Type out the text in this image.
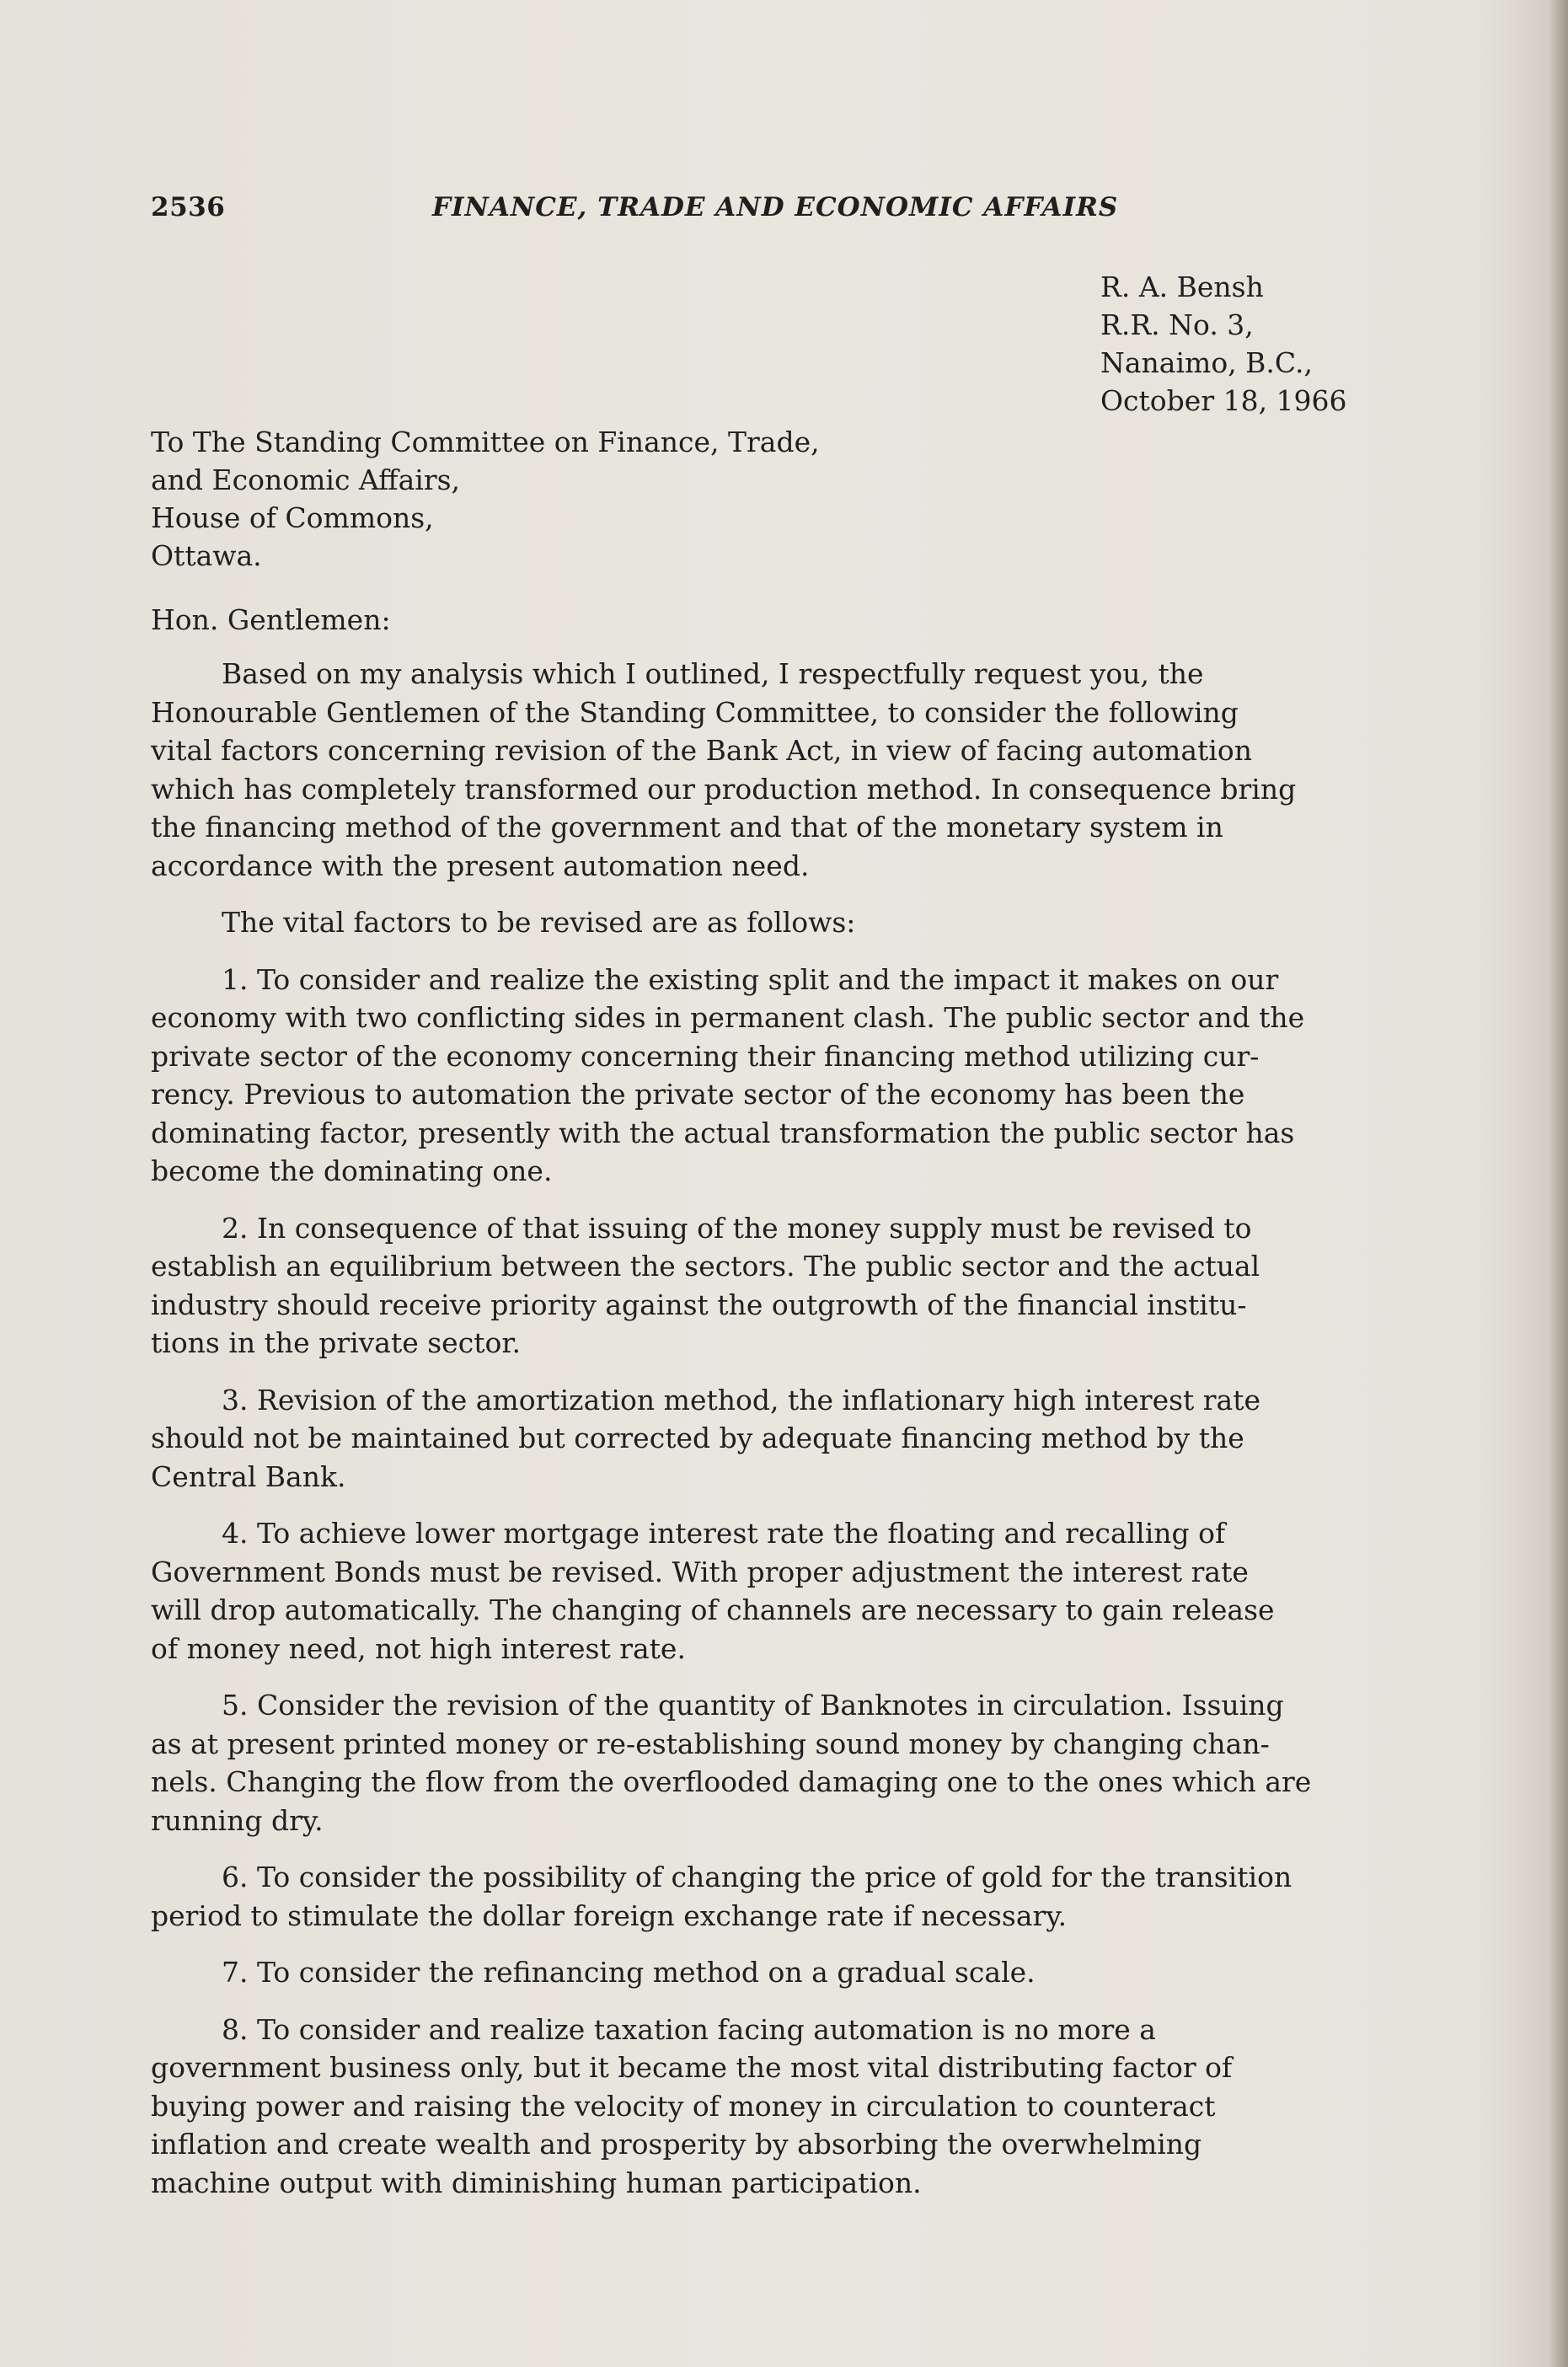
2536	FINANCE, TRADE AND ECONOMIC AFFAIRS
R. A. Bensh
R.R. No. 3,
Nanaimo, B.C.,
October 18, 1966
To The Standing Committee on Finance, Trade,
and Economic Affairs,
House of Commons,
Ottawa.
Hon. Gentlemen:

Based on my analysis which I outlined, I respectfully request you, the
Honourable Gentlemen of the Standing Committee, to consider the following
vital factors concerning revision of the Bank Act, in view of facing automation
which has completely transformed our production method. In consequence bring
the financing method of the government and that of the monetary system in
accordance with the present automation need.

The vital factors to be revised are as follows:

1. To consider and realize the existing split and the impact it makes on our
economy with two conflicting sides in permanent clash. The public sector and the
private sector of the economy concerning their financing method utilizing cur-
rency. Previous to automation the private sector of the economy has been the
dominating factor, presently with the actual transformation the public sector has
become the dominating one.

2. In consequence of that issuing of the money supply must be revised to
establish an equilibrium between the sectors. The public sector and the actual
industry should receive priority against the outgrowth of the financial institu-
tions in the private sector.

3. Revision of the amortization method, the inflationary high interest rate
should not be maintained but corrected by adequate financing method by the
Central Bank.

4. To achieve lower mortgage interest rate the floating and recalling of
Government Bonds must be revised. With proper adjustment the interest rate
will drop automatically. The changing of channels are necessary to gain release
of money need, not high interest rate.

5. Consider the revision of the quantity of Banknotes in circulation. Issuing
as at present printed money or re-establishing sound money by changing chan-
nels. Changing the flow from the overflooded damaging one to the ones which are
running dry.

6. To consider the possibility of changing the price of gold for the transition
period to stimulate the dollar foreign exchange rate if necessary.

7. To consider the refinancing method on a gradual scale.

8. To consider and realize taxation facing automation is no more a
government business only, but it became the most vital distributing factor of
buying power and raising the velocity of money in circulation to counteract
inflation and create wealth and prosperity by absorbing the overwhelming
machine output with diminishing human participation.
